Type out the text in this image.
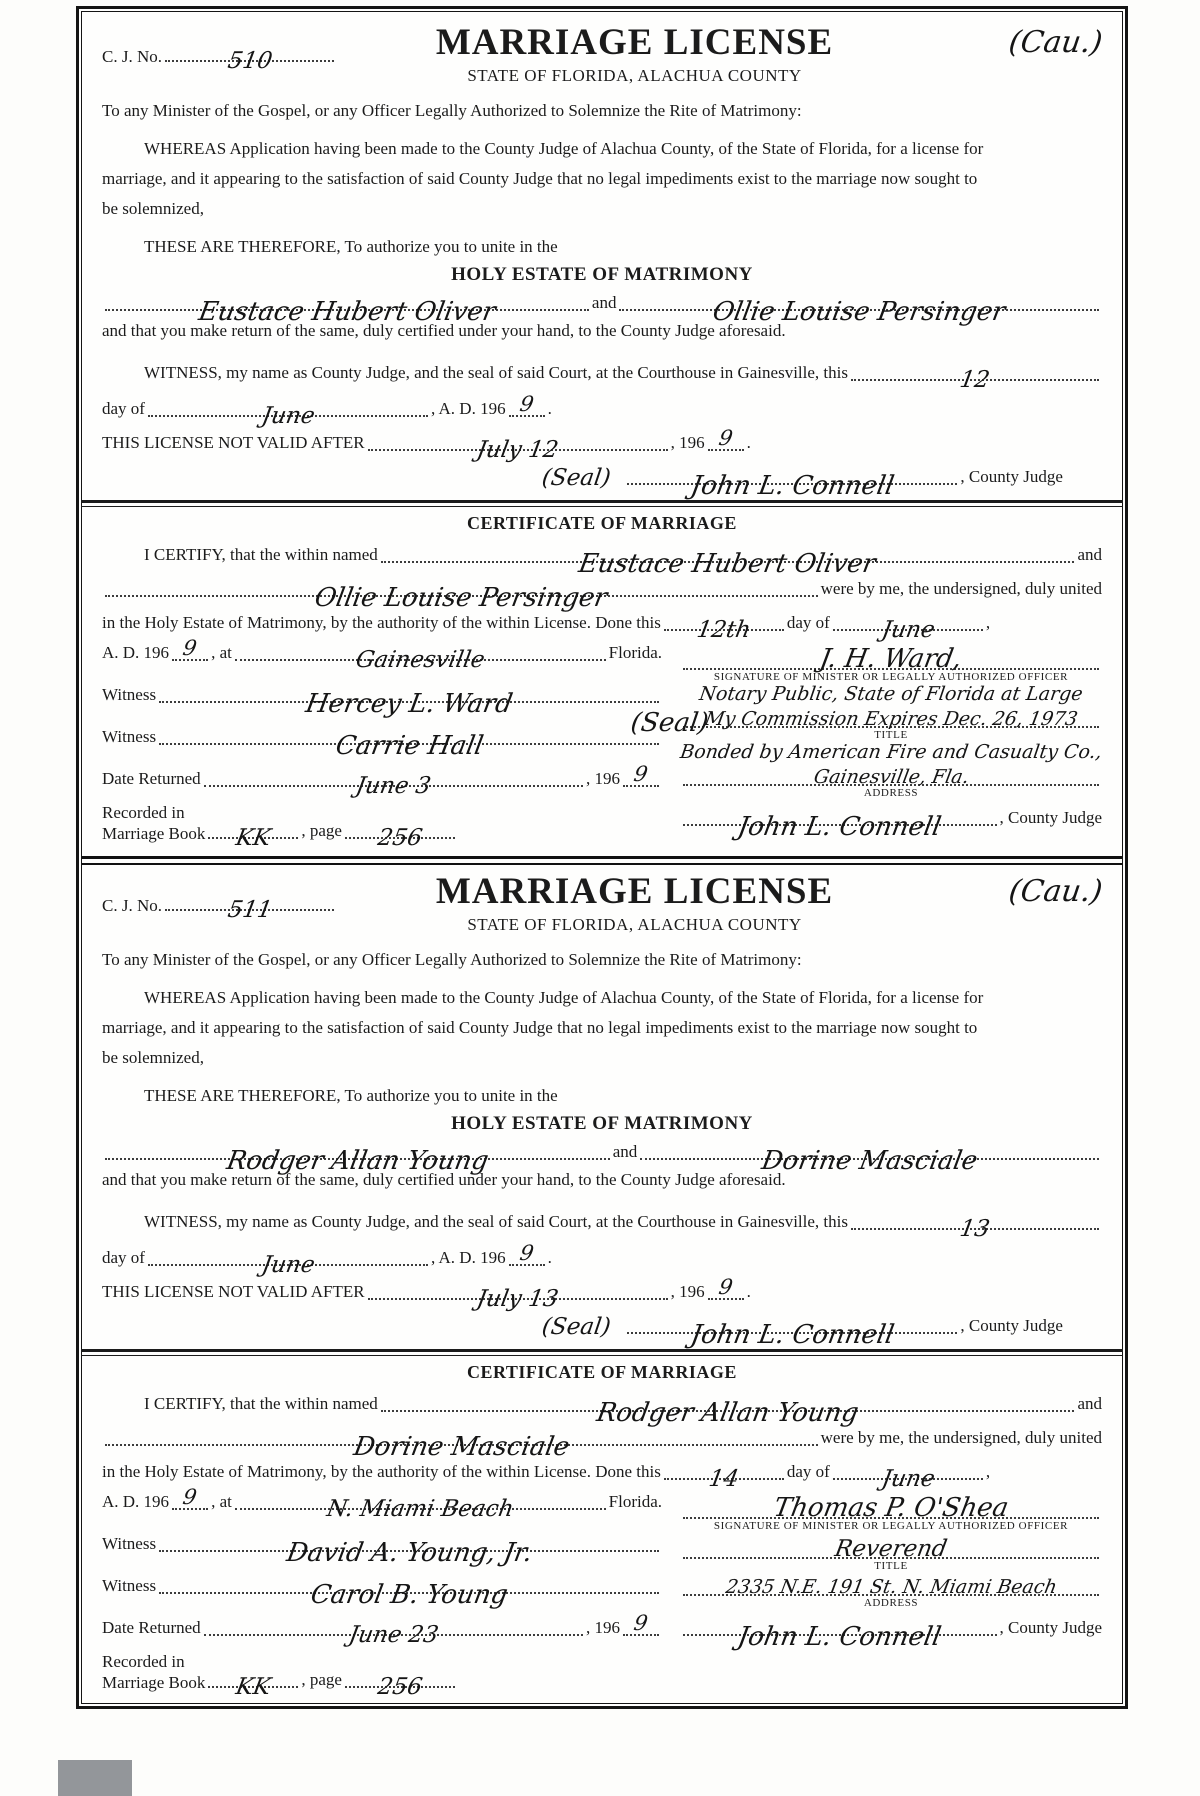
C. J. No.	510	MARRIAGE LICENSE
STATE OF FLORIDA, ALACHUA COUNTY
(Cau.)

To any Minister of the Gospel, or any Officer Legally Authorized to Solemnize the Rite of Matrimony:

WHEREAS Application having been made to the County Judge of Alachua County, of the State of Florida, for a license for

marriage, and it appearing to the satisfaction of said County Judge that no legal impediments exist to the marriage now sought to

be solemnized,

THESE ARE THEREFORE, To authorize you to unite in the

HOLY ESTATE OF MATRIMONY
Eustace Hubert Oliver	and	Ollie Louise Persinger

and that you make return of the same, duly certified under your hand, to the County Judge aforesaid.

WITNESS, my name as County Judge, and the seal of said Court, at the Courthouse in Gainesville, this	12
day of	June	, A. D. 196 9 .
THIS LICENSE NOT VALID AFTER	July 12	, 196 9 .
(Seal)	John L. Connell	, County Judge
CERTIFICATE OF MARRIAGE
I CERTIFY, that the within named	Eustace Hubert Oliver	and
Ollie Louise Persinger	were by me, the undersigned, duly united
in the Holy Estate of Matrimony, by the authority of the within License. Done this	12th	day of	June	,
A. D. 196 9 , at	Gainesville	Florida.
Witness	Hercey L. Ward
(Seal)
Witness	Carrie Hall
Date Returned	June 3	, 196 9
Recorded in
Marriage Book	KK	, page	256
J. H. Ward,
SIGNATURE OF MINISTER OR LEGALLY AUTHORIZED OFFICER
Notary Public, State of Florida at Large
My Commission Expires Dec. 26, 1973
TITLE
Bonded by American Fire and Casualty Co.,
Gainesville, Fla.
ADDRESS
John L. Connell	, County Judge
C. J. No.	511	MARRIAGE LICENSE
STATE OF FLORIDA, ALACHUA COUNTY
(Cau.)

To any Minister of the Gospel, or any Officer Legally Authorized to Solemnize the Rite of Matrimony:

WHEREAS Application having been made to the County Judge of Alachua County, of the State of Florida, for a license for

marriage, and it appearing to the satisfaction of said County Judge that no legal impediments exist to the marriage now sought to

be solemnized,

THESE ARE THEREFORE, To authorize you to unite in the

HOLY ESTATE OF MATRIMONY
Rodger Allan Young	and	Dorine Masciale

and that you make return of the same, duly certified under your hand, to the County Judge aforesaid.

WITNESS, my name as County Judge, and the seal of said Court, at the Courthouse in Gainesville, this	13
day of	June	, A. D. 196 9 .
THIS LICENSE NOT VALID AFTER	July 13	, 196 9 .
(Seal)	John L. Connell	, County Judge
CERTIFICATE OF MARRIAGE
I CERTIFY, that the within named	Rodger Allan Young	and
Dorine Masciale	were by me, the undersigned, duly united
in the Holy Estate of Matrimony, by the authority of the within License. Done this	14	day of	June	,
A. D. 196 9 , at	N. Miami Beach	Florida.
Witness	David A. Young, Jr.
Witness	Carol B. Young
Date Returned	June 23	, 196 9
Recorded in
Marriage Book	KK	, page	256
Thomas P. O'Shea
SIGNATURE OF MINISTER OR LEGALLY AUTHORIZED OFFICER
Reverend
TITLE
2335 N.E. 191 St. N. Miami Beach
ADDRESS
John L. Connell	, County Judge
